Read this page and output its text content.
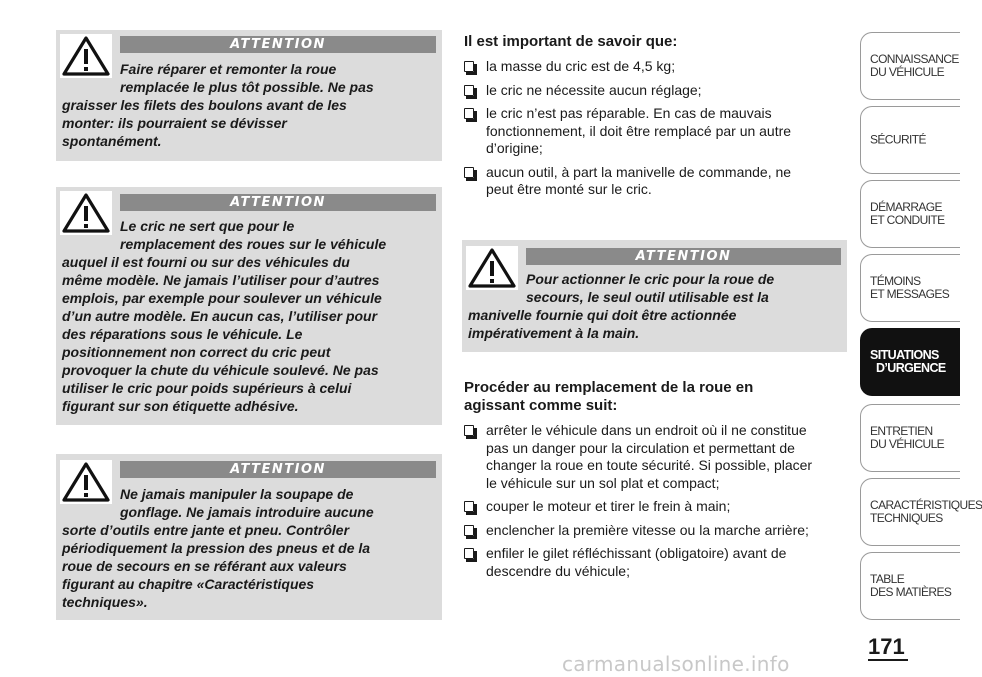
ATTENTION
Faire réparer et remonter la roue
remplacée le plus tôt possible. Ne pas
graisser les filets des boulons avant de les
monter: ils pourraient se dévisser
spontanément.
ATTENTION
Le cric ne sert que pour le
remplacement des roues sur le véhicule
auquel il est fourni ou sur des véhicules du
même modèle. Ne jamais l’utiliser pour d’autres
emplois, par exemple pour soulever un véhicule
d’un autre modèle. En aucun cas, l’utiliser pour
des réparations sous le véhicule. Le
positionnement non correct du cric peut
provoquer la chute du véhicule soulevé. Ne pas
utiliser le cric pour poids supérieurs à celui
figurant sur son étiquette adhésive.
ATTENTION
Ne jamais manipuler la soupape de
gonflage. Ne jamais introduire aucune
sorte d’outils entre jante et pneu. Contrôler
périodiquement la pression des pneus et de la
roue de secours en se référant aux valeurs
figurant au chapitre «Caractéristiques
techniques».
Il est important de savoir que:
la masse du cric est de 4,5 kg;
le cric ne nécessite aucun réglage;
le cric n’est pas réparable. En cas de mauvais
fonctionnement, il doit être remplacé par un autre
d’origine;
aucun outil, à part la manivelle de commande, ne
peut être monté sur le cric.
ATTENTION
Pour actionner le cric pour la roue de
secours, le seul outil utilisable est la
manivelle fournie qui doit être actionnée
impérativement à la main.
Procéder au remplacement de la roue en
agissant comme suit:
arrêter le véhicule dans un endroit où il ne constitue
pas un danger pour la circulation et permettant de
changer la roue en toute sécurité. Si possible, placer
le véhicule sur un sol plat et compact;
couper le moteur et tirer le frein à main;
enclencher la première vitesse ou la marche arrière;
enfiler le gilet réfléchissant (obligatoire) avant de
descendre du véhicule;
CONNAISSANCE
DU VÉHICULE
SÉCURITÉ
DÉMARRAGE
ET CONDUITE
TÉMOINS
ET MESSAGES
SITUATIONS
D’URGENCE
ENTRETIEN
DU VÉHICULE
CARACTÉRISTIQUES
TECHNIQUES
TABLE
DES MATIÈRES
171
carmanualsonline.info
